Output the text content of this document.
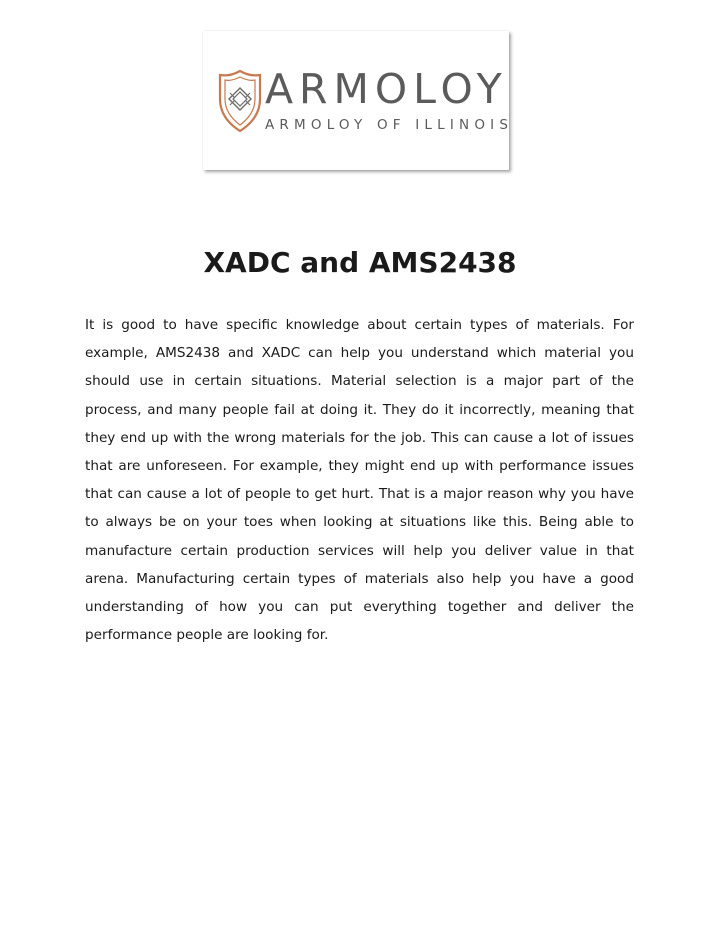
ARMOLOY
ARMOLOY OF ILLINOIS
XADC and AMS2438

It is good to have specific knowledge about certain types of materials. For example, AMS2438 and XADC can help you understand which material you should use in certain situations. Material selection is a major part of the process, and many people fail at doing it. They do it incorrectly, meaning that they end up with the wrong materials for the job. This can cause a lot of issues that are unforeseen. For example, they might end up with performance issues that can cause a lot of people to get hurt. That is a major reason why you have to always be on your toes when looking at situations like this. Being able to manufacture certain production services will help you deliver value in that arena. Manufacturing certain types of materials also help you have a good understanding of how you can put everything together and deliver the performance people are looking for.
